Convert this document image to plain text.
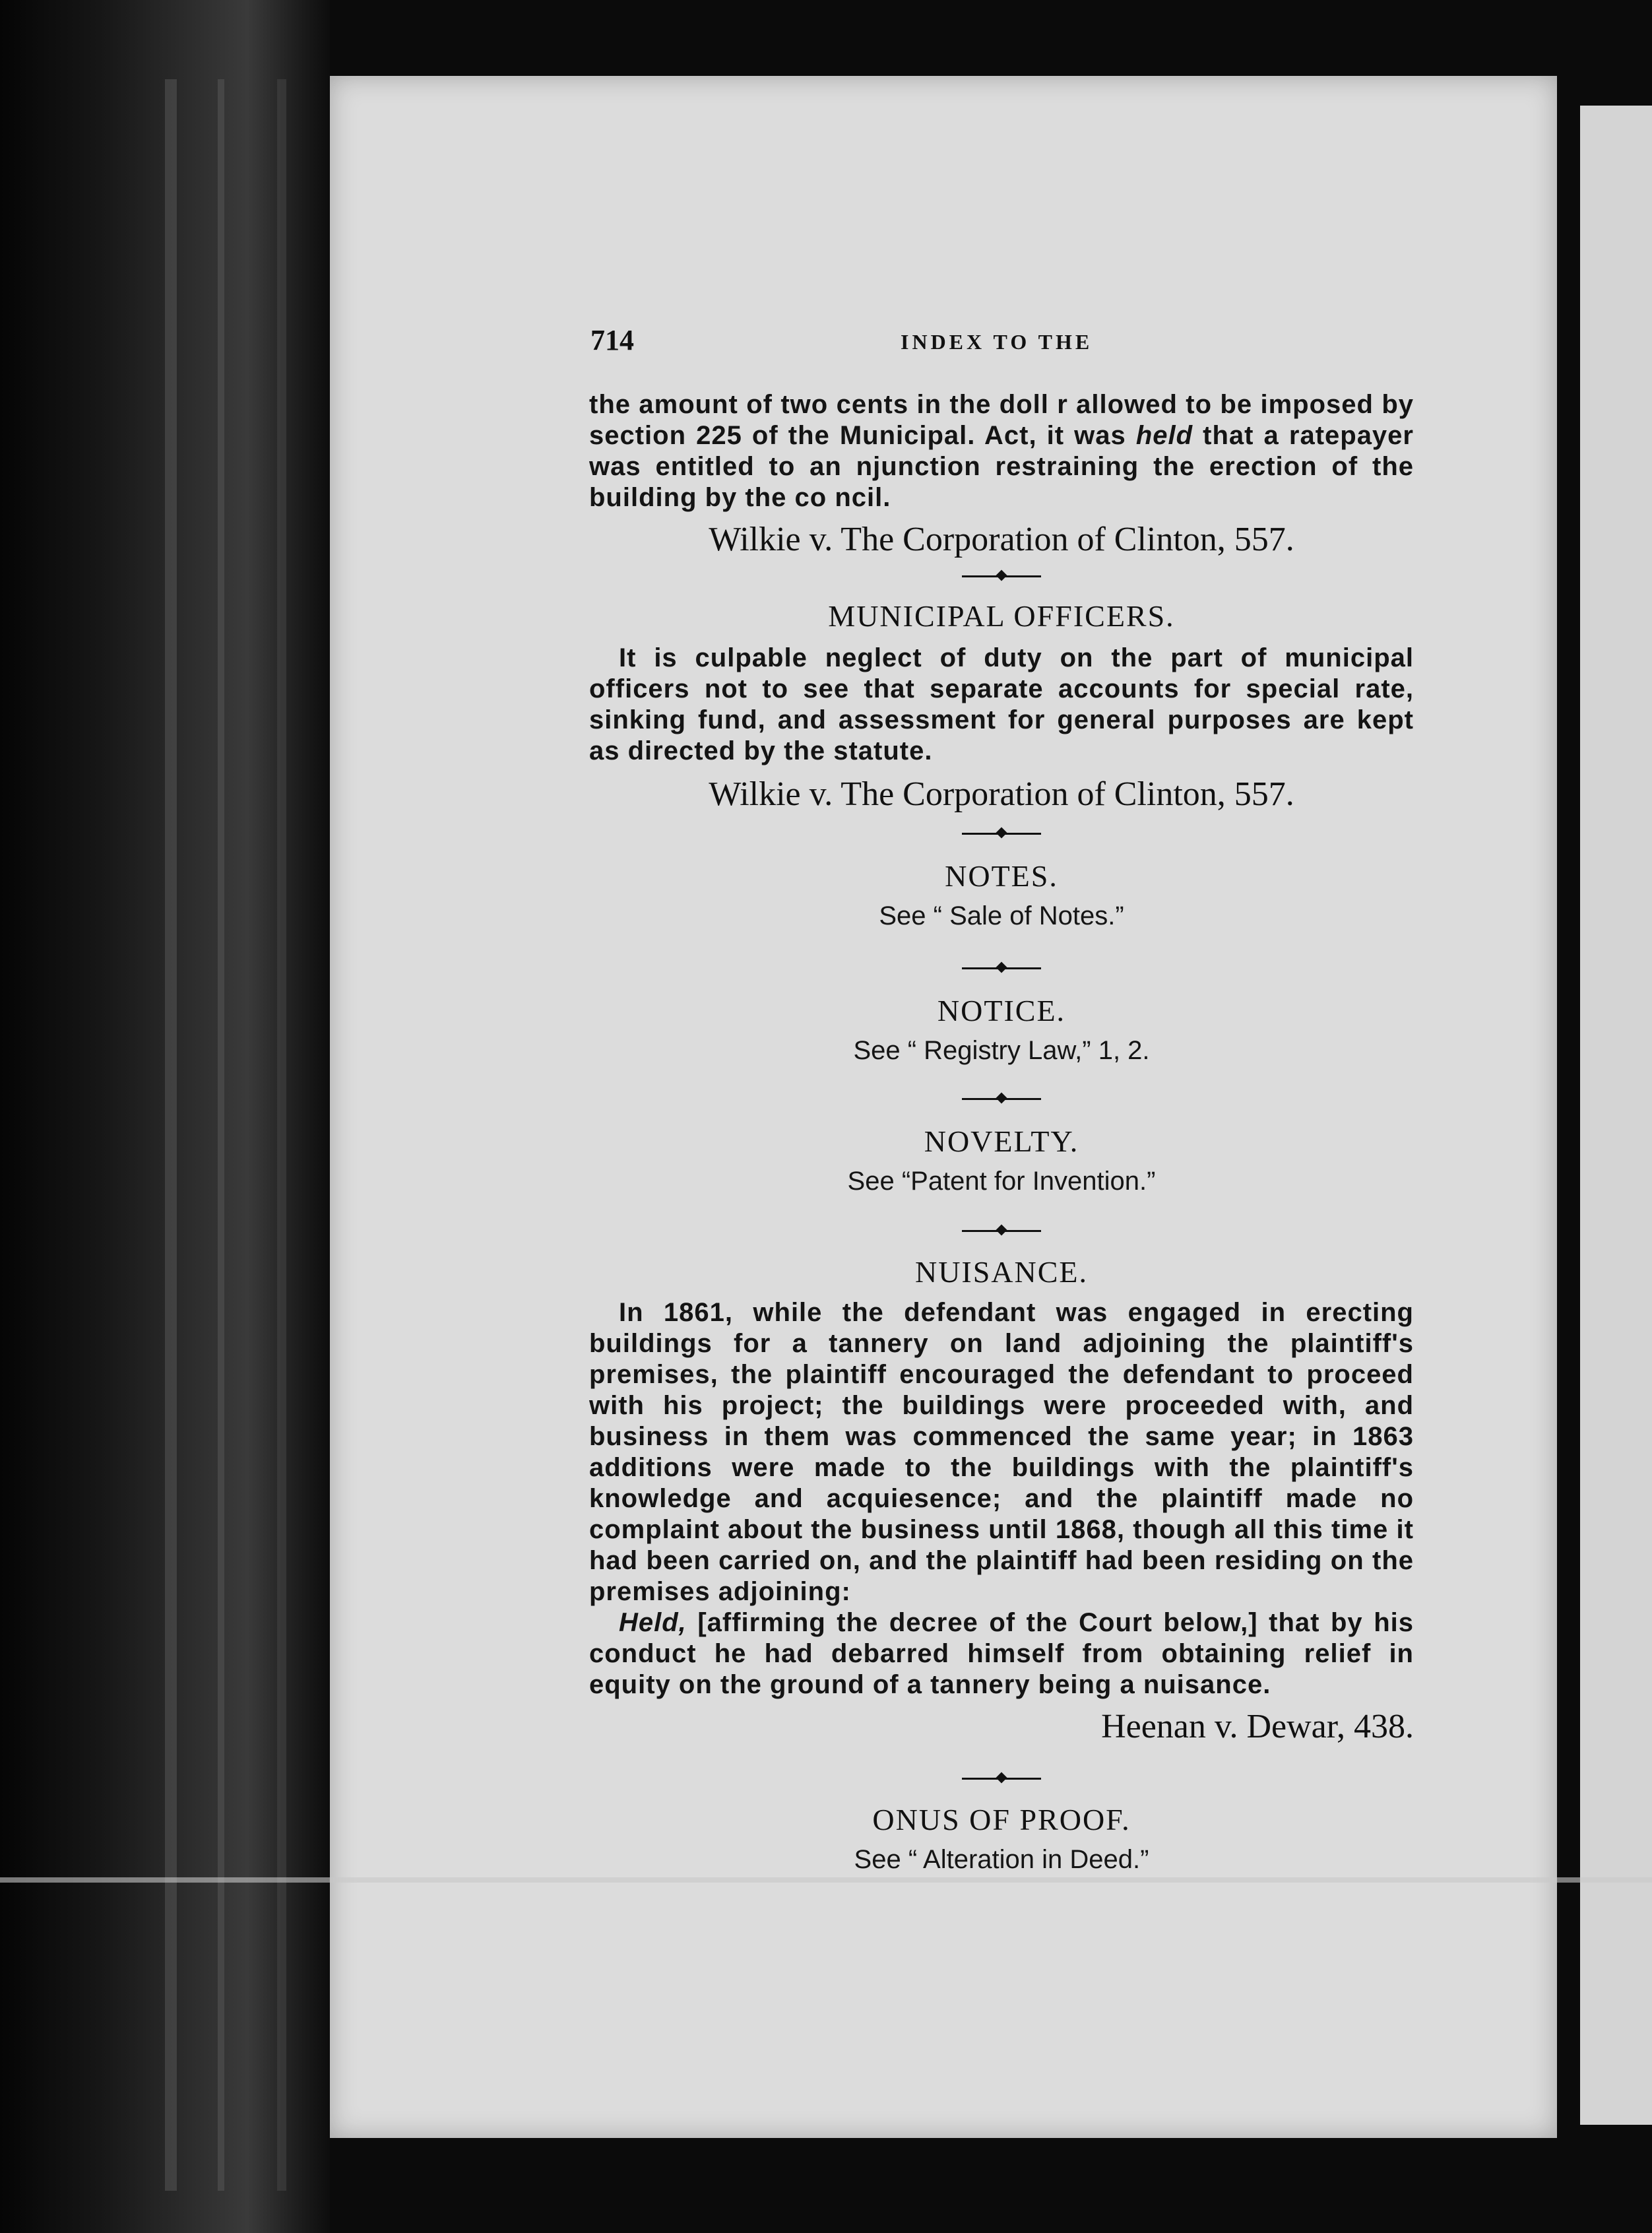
714	INDEX TO THE

the amount of two cents in the doll r allowed to be imposed by section 225 of the Municipal. Act, it was held that a ratepayer was entitled to an njunction restraining the erection of the building by the co ncil.

Wilkie v. The Corporation of Clinton, 557.

MUNICIPAL OFFICERS.

It is culpable neglect of duty on the part of municipal officers not to see that separate accounts for special rate, sinking fund, and assessment for general purposes are kept as directed by the statute.

Wilkie v. The Corporation of Clinton, 557.

NOTES.

See “ Sale of Notes.”

NOTICE.

See “ Registry Law,” 1, 2.

NOVELTY.

See “Patent for Invention.”

NUISANCE.

In 1861, while the defendant was engaged in erecting buildings for a tannery on land adjoining the plaintiff's premises, the plaintiff encouraged the defendant to proceed with his project; the buildings were proceeded with, and business in them was commenced the same year; in 1863 additions were made to the buildings with the plaintiff's knowledge and acquiesence; and the plaintiff made no complaint about the business until 1868, though all this time it had been carried on, and the plaintiff had been residing on the premises adjoining:

Held, [affirming the decree of the Court below,] that by his conduct he had debarred himself from obtaining relief in equity on the ground of a tannery being a nuisance.

Heenan v. Dewar, 438.

ONUS OF PROOF.

See “ Alteration in Deed.”
